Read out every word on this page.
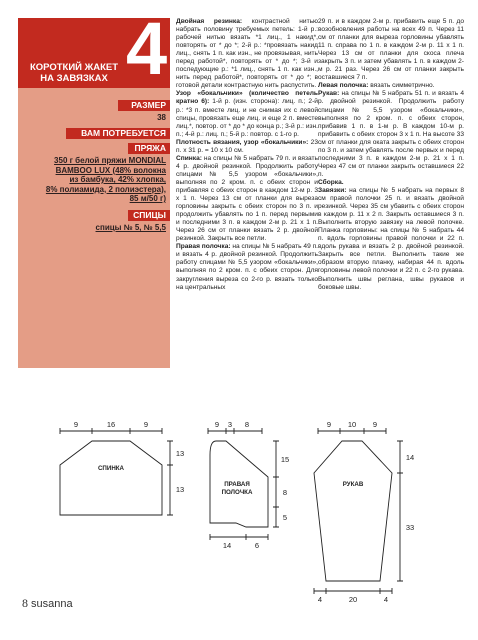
КОРОТКИЙ ЖАКЕТ
НА ЗАВЯЗКАХ 4
РАЗМЕР
38
ВАМ ПОТРЕБУЕТСЯ
ПРЯЖА
350 г белой пряжи MONDIAL
BAMBOO LUX (48% волокна
из бамбука, 42% хлопка,
8% полиамида, 2 полиэстера),
85 м/50 г)
СПИЦЫ
спицы № 5, № 5,5

Двойная резинка: контрастной нитью набрать половину требуемых петель: 1-й р.: рабочей нитью вязать *1 лиц., 1 накид*, повторять от * до *; 2-й р.: *провязать накид лиц., снять 1 п. как изн., не провязывая, нить перед работой*, повторять от * до *; 3-й и последующие р.: *1 лиц., снять 1 п. как изн., нить перед работой*, повторять от * до *; в готовой детали контрастную нить распустить.

Узор «бокальчики» (количество петель кратно 6): 1-й р. (изн. сторона): лиц. п.; 2-й р.: *3 п. вместе лиц. и не снимая их с левой спицы, провязать еще лиц. и еще 2 п. вместе лиц.*, повтор. от * до * до конца р.; 3-й р.: изн. п.; 4-й р.: лиц. п.; 5-й р.: повтор. с 1-го р.

Плотность вязания, узор «бокальчики»: 23 п. х 31 р. = 10 х 10 см.

Спинка: на спицы № 5 набрать 79 п. и вязать 4 р. двойной резинкой. Продолжить работу спицами № 5,5 узором «бокальчики», выполняя по 2 кром. п. с обеих сторон и прибавляя с обеих сторон в каждом 12-м р. 3 х 1 п. Через 13 см от планки для выреза горловины закрыть с обеих сторон по 3 п. и продолжить убавлять по 1 п. перед первыми и последними 3 п. в каждом 2-м р. 21 х 1 п. Через 26 см от планки вязать 2 р. двойной резинкой. Закрыть все петли.

Правая полочка: на спицы № 5 набрать 49 п. и вязать 4 р. двойной резинкой. Продолжить работу спицами № 5,5 узором «бокальчики», выполняя по 2 кром. п. с обеих сторон. Для закругления выреза со 2-го р. вязать только на центральных

29 п. и в каждом 2-м р. прибавить еще 5 п. до возобновления работы на всех 49 п. Через 11 см от планки для выреза горловины убавлять 11 п. справа по 1 п. в каждом 2-м р. 11 х 1 п. Через 13 см от планки для скоса плеча закрыть 3 п. и затем убавлять 1 п. в каждом 2-м р. 21 раз. Через 26 см от планки закрыть оставшиеся 7 п.

Левая полочка: вязать симметрично.

Рукав: на спицы № 5 набрать 51 п. и вязать 4 р. двойной резинкой. Продолжить работу спицами № 5,5 узором «бокальчики», выполняя по 2 кром. п. с обеих сторон, прибавив 1 п. в 1-м р. В каждом 10-м р. прибавить с обеих сторон 3 х 1 п. На высоте 33 см от планки для оката закрыть с обеих сторон по 3 п. и затем убавлять после первых и перед последними 3 п. в каждом 2-м р. 21 х 1 п. Через 47 см от планки закрыть оставшиеся 22 п.

Сборка.

Завязки: на спицы № 5 набрать на первых 8 см правой полочки 25 п. и вязать двойной резинкой. Через 35 см убавить с обеих сторон в каждом р. 11 х 2 п. Закрыть оставшиеся 3 п. Выполнить вторую завязку на левой полочке. Планка горловины: на спицы № 5 набрать 44 п. вдоль горловины правой полочки и 22 п. вдоль рукава и вязать 2 р. двойной резинкой. Закрыть все петли. Выполнить такие же образом вторую планку, набирая 44 п. вдоль горловины левой полочки и 22 п. с 2-го рукава. Выполнить швы реглана, швы рукавов и боковые швы.

9	16	9
13
13
СПИНКА
9	3	8
15
8
5
14	6
ПРАВАЯ
ПОЛОЧКА
9	10	9
14
33
4	20	4
РУКАВ
8 susanna
